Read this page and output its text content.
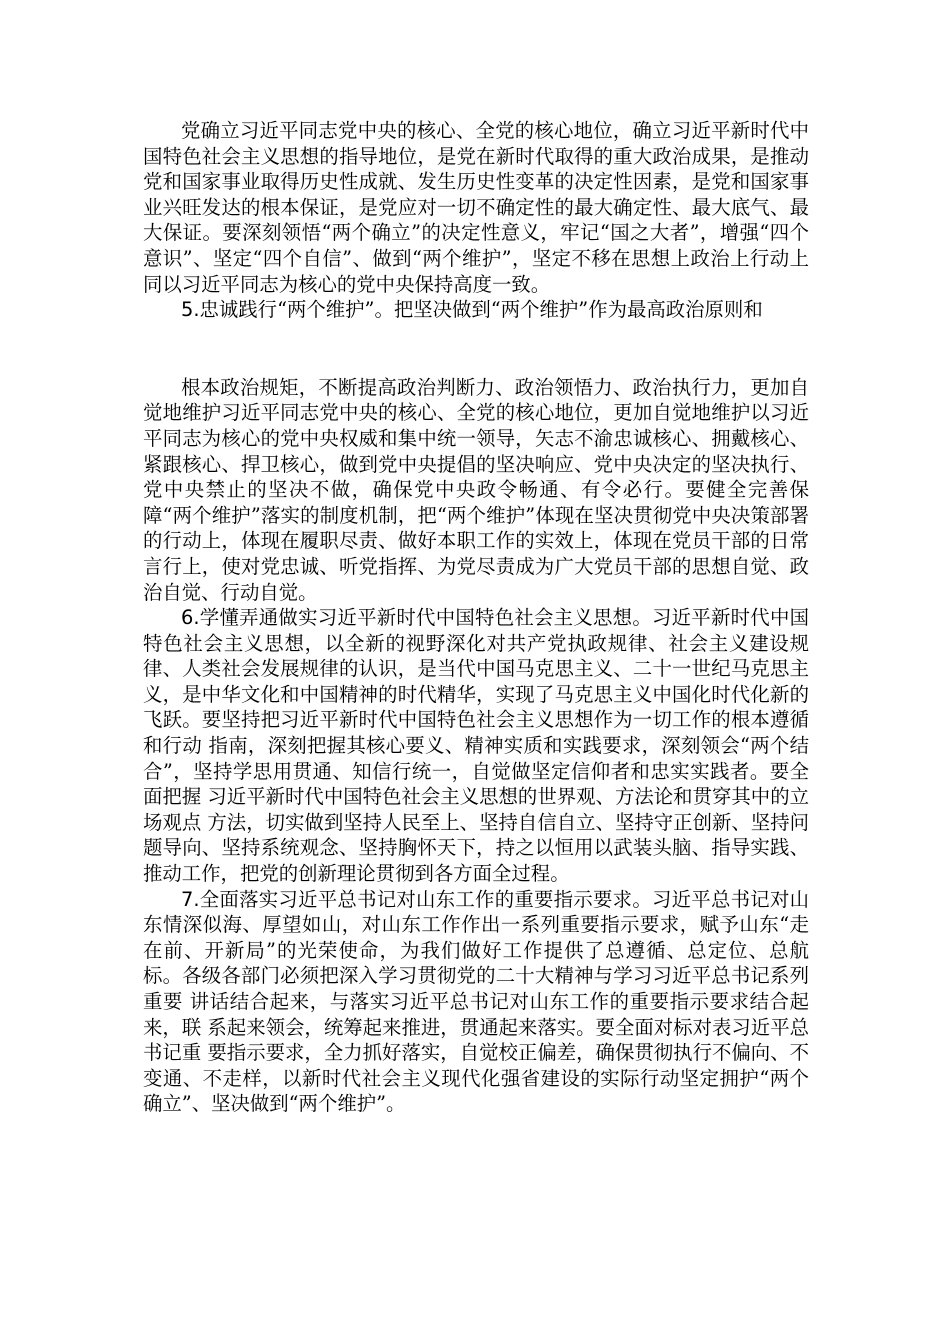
党确立习近平同志党中央的核心、全党的核心地位，确立习近平新时代中国特色社会主义思想的指导地位，是党在新时代取得的重大政治成果，是推动党和国家事业取得历史性成就、发生历史性变革的决定性因素，是党和国家事业兴旺发达的根本保证，是党应对一切不确定性的最大确定性、最大底气、最大保证。要深刻领悟“两个确立”的决定性意义，牢记“国之大者”，增强“四个意识”、坚定“四个自信”、做到“两个维护”，坚定不移在思想上政治上行动上同以习近平同志为核心的党中央保持高度一致。

5.忠诚践行“两个维护”。把坚决做到“两个维护”作为最高政治原则和

根本政治规矩，不断提高政治判断力、政治领悟力、政治执行力，更加自觉地维护习近平同志党中央的核心、全党的核心地位，更加自觉地维护以习近平同志为核心的党中央权威和集中统一领导，矢志不渝忠诚核心、拥戴核心、紧跟核心、捍卫核心，做到党中央提倡的坚决响应、党中央决定的坚决执行、党中央禁止的坚决不做，确保党中央政令畅通、有令必行。要健全完善保障“两个维护”落实的制度机制，把“两个维护”体现在坚决贯彻党中央决策部署的行动上，体现在履职尽责、做好本职工作的实效上，体现在党员干部的日常言行上，使对党忠诚、听党指挥、为党尽责成为广大党员干部的思想自觉、政治自觉、行动自觉。

6.学懂弄通做实习近平新时代中国特色社会主义思想。习近平新时代中国特色社会主义思想，以全新的视野深化对共产党执政规律、社会主义建设规律、人类社会发展规律的认识，是当代中国马克思主义、二十一世纪马克思主义，是中华文化和中国精神的时代精华，实现了马克思主义中国化时代化新的飞跃。要坚持把习近平新时代中国特色社会主义思想作为一切工作的根本遵循和行动 指南，深刻把握其核心要义、精神实质和实践要求，深刻领会“两个结合”，坚持学思用贯通、知信行统一，自觉做坚定信仰者和忠实实践者。要全面把握 习近平新时代中国特色社会主义思想的世界观、方法论和贯穿其中的立场观点 方法，切实做到坚持人民至上、坚持自信自立、坚持守正创新、坚持问题导向、坚持系统观念、坚持胸怀天下，持之以恒用以武装头脑、指导实践、推动工作，把党的创新理论贯彻到各方面全过程。

7.全面落实习近平总书记对山东工作的重要指示要求。习近平总书记对山东情深似海、厚望如山，对山东工作作出一系列重要指示要求，赋予山东“走 在前、开新局”的光荣使命，为我们做好工作提供了总遵循、总定位、总航标。各级各部门必须把深入学习贯彻党的二十大精神与学习习近平总书记系列重要 讲话结合起来，与落实习近平总书记对山东工作的重要指示要求结合起来，联 系起来领会，统筹起来推进，贯通起来落实。要全面对标对表习近平总书记重 要指示要求，全力抓好落实，自觉校正偏差，确保贯彻执行不偏向、不变通、不走样，以新时代社会主义现代化强省建设的实际行动坚定拥护“两个确立”、坚决做到“两个维护”。
